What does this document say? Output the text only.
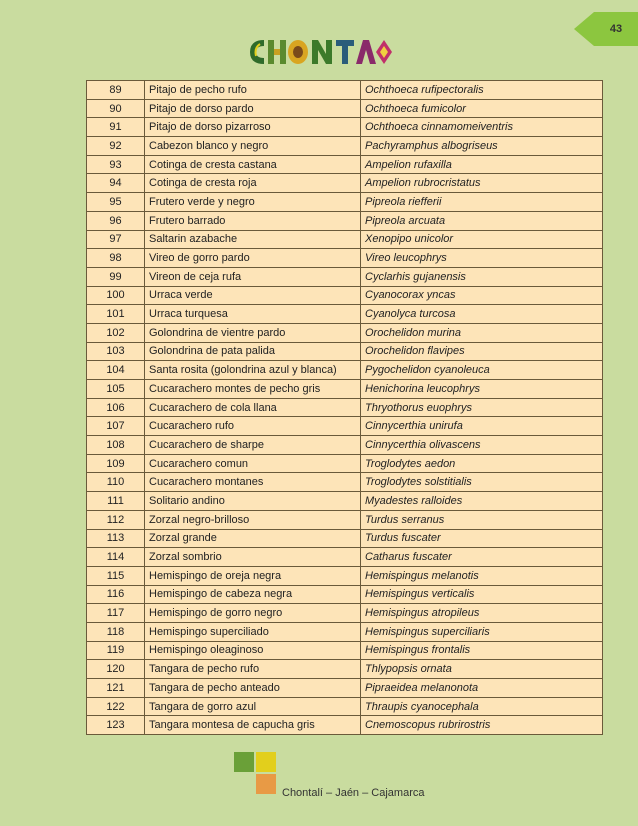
43
89	Pitajo de pecho rufo	Ochthoeca rufipectoralis
90	Pitajo de dorso pardo	Ochthoeca fumicolor
91	Pitajo de dorso pizarroso	Ochthoeca cinnamomeiventris
92	Cabezon blanco y negro	Pachyramphus albogriseus
93	Cotinga de cresta castana	Ampelion rufaxilla
94	Cotinga de cresta roja	Ampelion rubrocristatus
95	Frutero verde y negro	Pipreola riefferii
96	Frutero barrado	Pipreola arcuata
97	Saltarin azabache	Xenopipo unicolor
98	Vireo de gorro pardo	Vireo leucophrys
99	Vireon de ceja rufa	Cyclarhis gujanensis
100	Urraca verde	Cyanocorax yncas
101	Urraca turquesa	Cyanolyca turcosa
102	Golondrina de vientre pardo	Orochelidon murina
103	Golondrina de pata palida	Orochelidon flavipes
104	Santa rosita (golondrina azul y blanca)	Pygochelidon cyanoleuca
105	Cucarachero montes de pecho gris	Henichorina leucophrys
106	Cucarachero de cola llana	Thryothorus euophrys
107	Cucarachero rufo	Cinnycerthia unirufa
108	Cucarachero de sharpe	Cinnycerthia olivascens
109	Cucarachero comun	Troglodytes aedon
110	Cucarachero montanes	Troglodytes solstitialis
111	Solitario andino	Myadestes ralloides
112	Zorzal negro-brilloso	Turdus serranus
113	Zorzal grande	Turdus fuscater
114	Zorzal sombrio	Catharus fuscater
115	Hemispingo de oreja negra	Hemispingus melanotis
116	Hemispingo de cabeza negra	Hemispingus verticalis
117	Hemispingo de gorro negro	Hemispingus atropileus
118	Hemispingo superciliado	Hemispingus superciliaris
119	Hemispingo oleaginoso	Hemispingus frontalis
120	Tangara de pecho rufo	Thlypopsis ornata
121	Tangara de pecho anteado	Pipraeidea melanonota
122	Tangara de gorro azul	Thraupis cyanocephala
123	Tangara montesa de capucha gris	Cnemoscopus rubrirostris
Chontalí – Jaén – Cajamarca
